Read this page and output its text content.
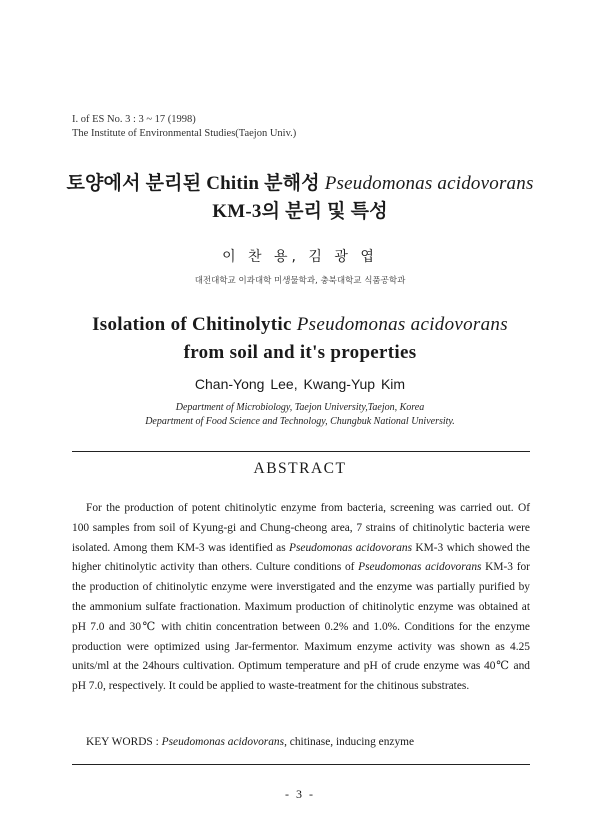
I. of ES No. 3 : 3 ~ 17 (1998)
The Institute of Environmental Studies(Taejon Univ.)
토양에서 분리된 Chitin 분해성 Pseudomonas acidovorans
KM-3의 분리 및 특성
이 찬 용, 김 광 엽
대전대학교 이과대학 미생물학과, 충북대학교 식품공학과
Isolation of Chitinolytic Pseudomonas acidovorans
from soil and it's properties
Chan-Yong Lee, Kwang-Yup Kim
Department of Microbiology, Taejon University,Taejon, Korea
Department of Food Science and Technology, Chungbuk National University.
ABSTRACT
For the production of potent chitinolytic enzyme from bacteria, screening was carried out. Of 100 samples from soil of Kyung-gi and Chung-cheong area, 7 strains of chitinolytic bacteria were isolated. Among them KM-3 was identified as Pseudomonas acidovorans KM-3 which showed the higher chitinolytic activity than others. Culture conditions of Pseudomonas acidovorans KM-3 for the production of chitinolytic enzyme were inverstigated and the enzyme was partially purified by the ammonium sulfate fractionation. Maximum production of chitinolytic enzyme was obtained at pH 7.0 and 30℃ with chitin concentration between 0.2% and 1.0%. Conditions for the enzyme production were optimized using Jar-fermentor. Maximum enzyme activity was shown as 4.25 units/ml at the 24hours cultivation. Optimum temperature and pH of crude enzyme was 40℃ and pH 7.0, respectively. It could be applied to waste-treatment for the chitinous substrates.
KEY WORDS : Pseudomonas acidovorans, chitinase, inducing enzyme
- 3 -
